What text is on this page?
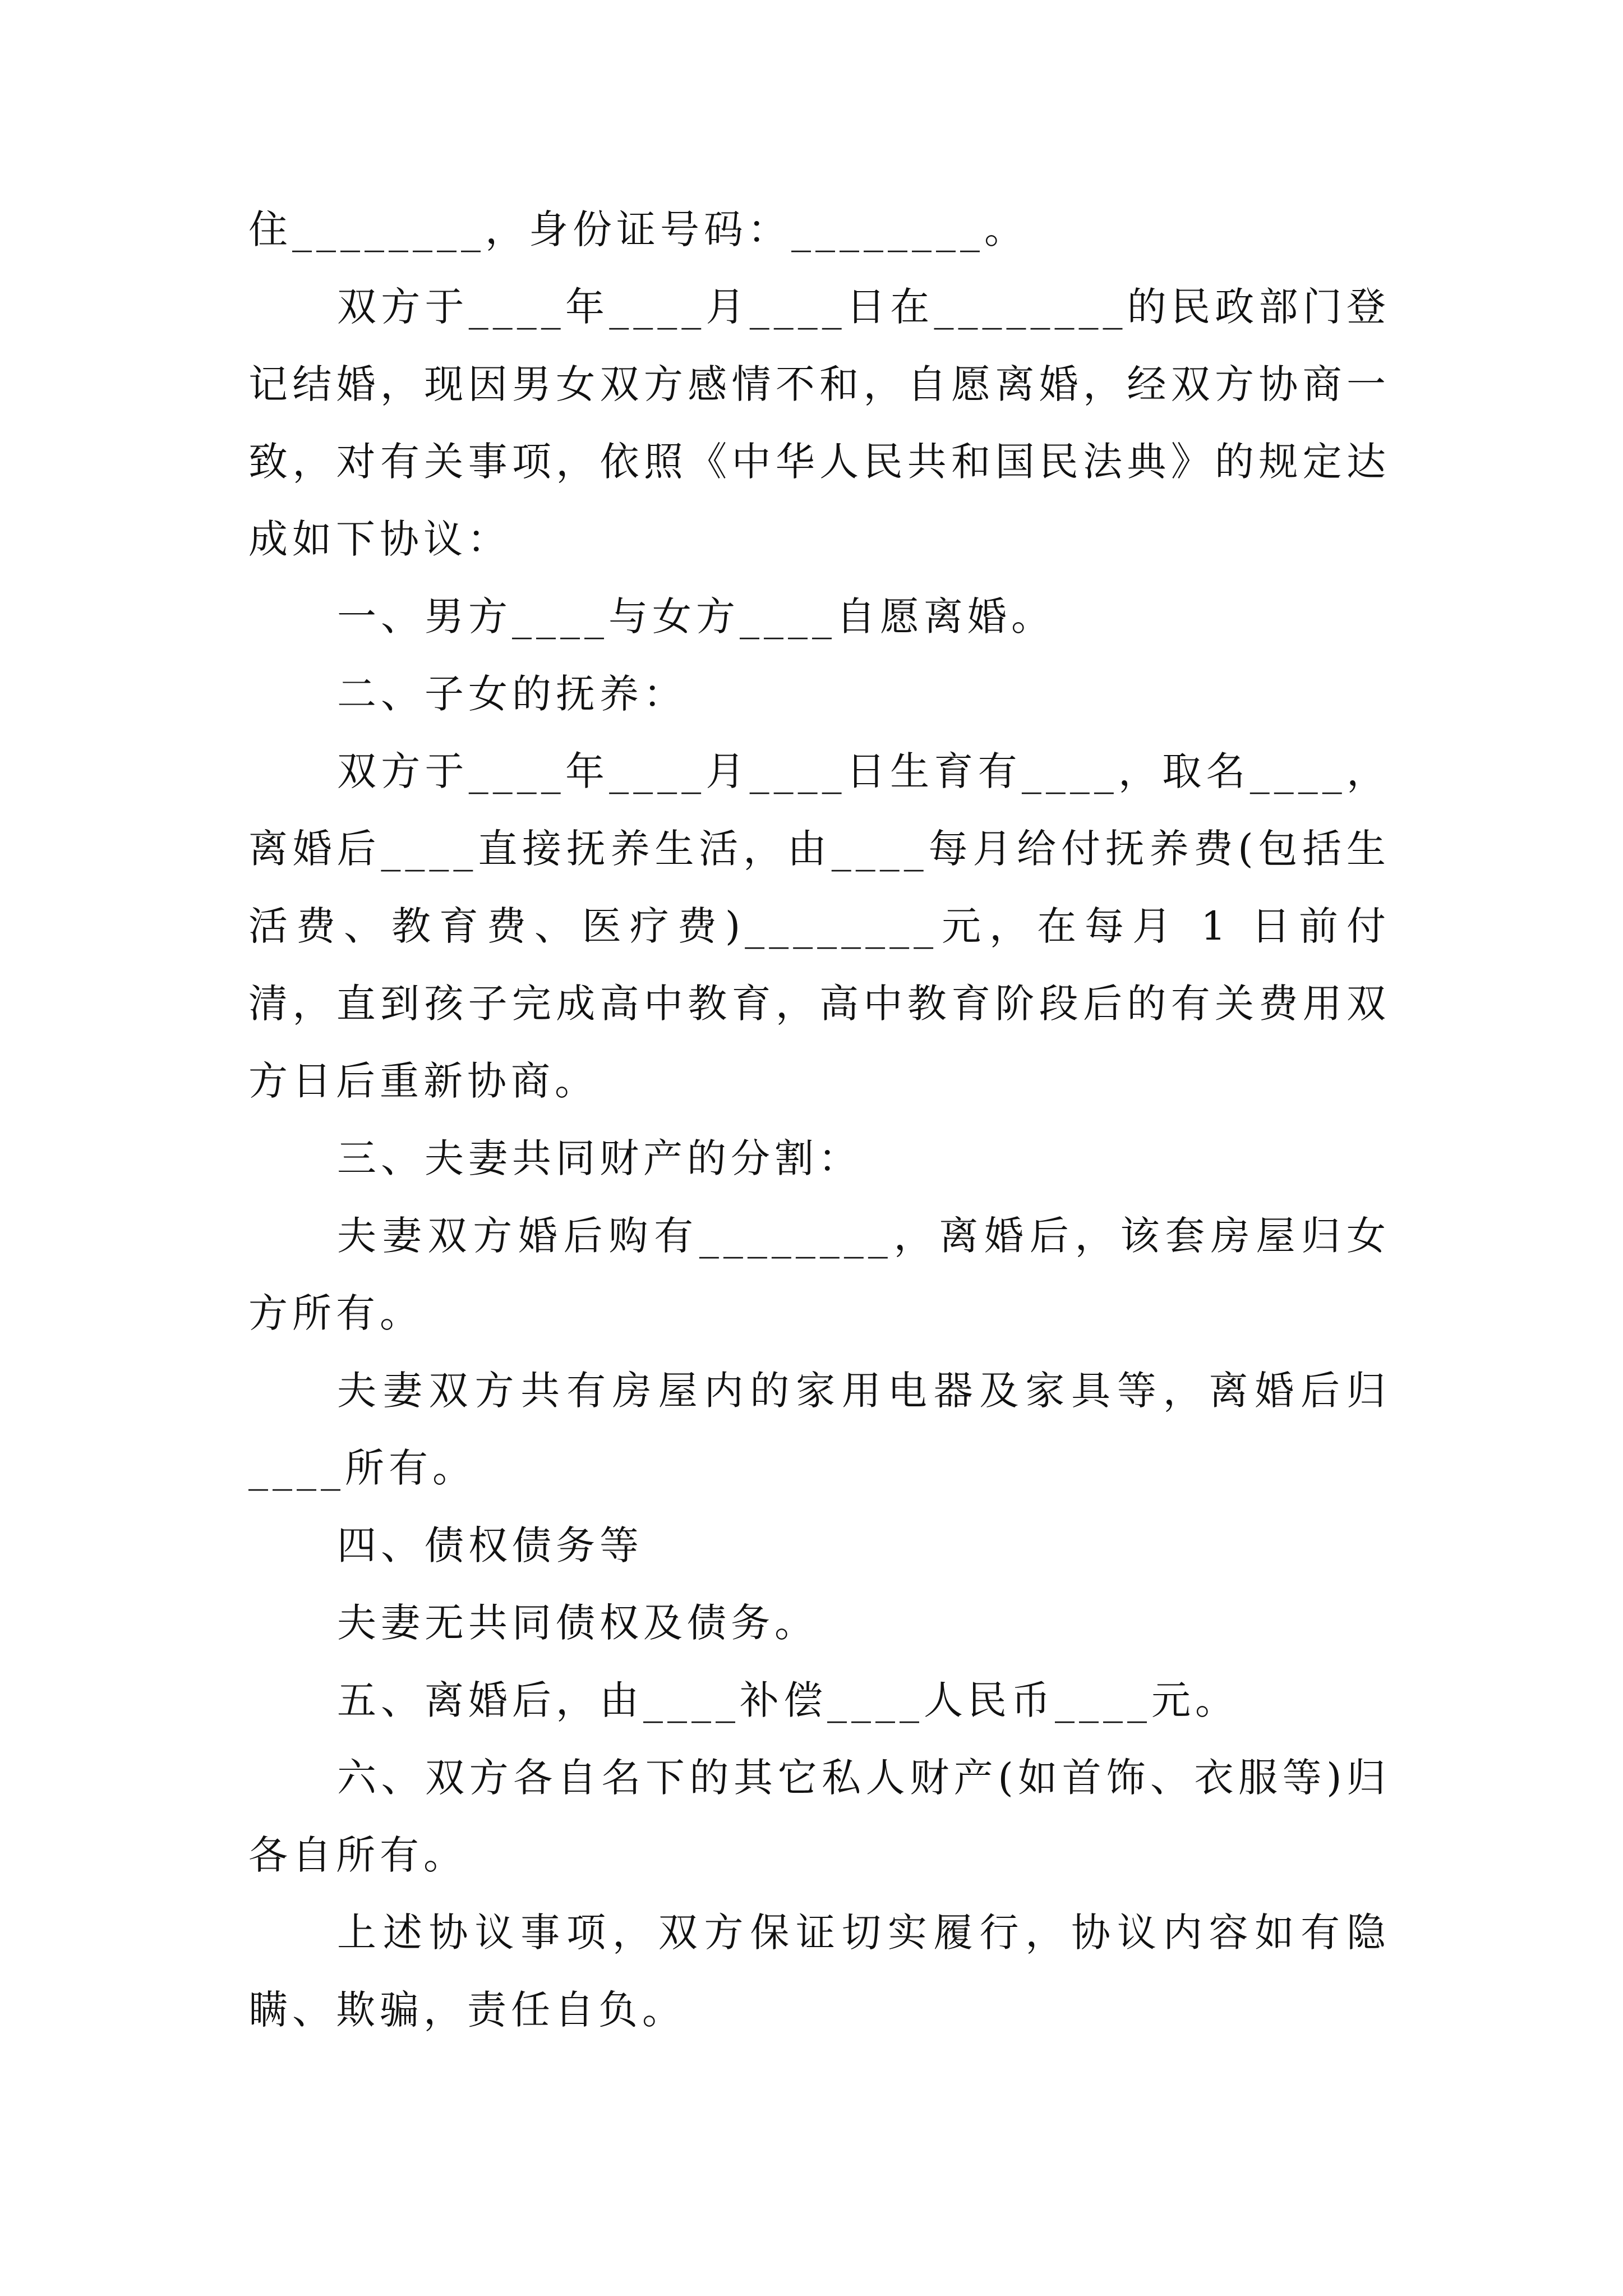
住________，身份证号码：________。

双方于____年____月____日在________的民政部门登记结婚，现因男女双方感情不和，自愿离婚，经双方协商一致，对有关事项，依照《中华人民共和国民法典》的规定达成如下协议：

一、男方____与女方____自愿离婚。

二、子女的抚养：

双方于____年____月____日生育有____，取名____，离婚后____直接抚养生活，由____每月给付抚养费(包括生活费、教育费、医疗费)________元，在每月 1 日前付清，直到孩子完成高中教育，高中教育阶段后的有关费用双方日后重新协商。

三、夫妻共同财产的分割：

夫妻双方婚后购有________，离婚后，该套房屋归女方所有。

夫妻双方共有房屋内的家用电器及家具等，离婚后归____所有。

四、债权债务等

夫妻无共同债权及债务。

五、离婚后，由____补偿____人民币____元。

六、双方各自名下的其它私人财产(如首饰、衣服等)归各自所有。

上述协议事项，双方保证切实履行，协议内容如有隐瞒、欺骗，责任自负。
